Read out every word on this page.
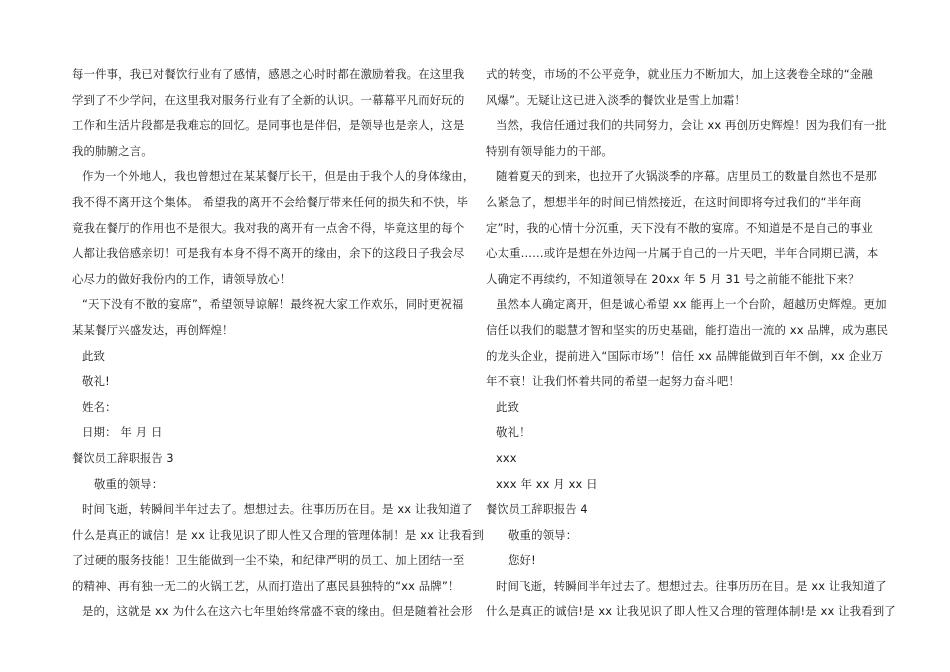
每一件事，我已对餐饮行业有了感情，感恩之心时时都在激励着我。在这里我
学到了不少学问，在这里我对服务行业有了全新的认识。一幕幕平凡而好玩的
工作和生活片段都是我难忘的回忆。是同事也是伴侣，是领导也是亲人，这是
我的肺腑之言。
作为一个外地人，我也曾想过在某某餐厅长干，但是由于我个人的身体缘由，
我不得不离开这个集体。 希望我的离开不会给餐厅带来任何的损失和不快，毕
竟我在餐厅的作用也不是很大。我对我的离开有一点舍不得，毕竟这里的每个
人都让我倍感亲切！可是我有本身不得不离开的缘由，余下的这段日子我会尽
心尽力的做好我份内的工作，请领导放心！
“天下没有不散的宴席”，希望领导谅解！最终祝大家工作欢乐，同时更祝福
某某餐厅兴盛发达，再创辉煌！
此致
敬礼!
姓名：
日期： 年 月 日
餐饮员工辞职报告 3
敬重的领导：
时间飞逝，转瞬间半年过去了。想想过去。往事历历在目。是 xx 让我知道了
什么是真正的诚信！是 xx 让我见识了即人性又合理的管理体制！是 xx 让我看到
了过硬的服务技能！卫生能做到一尘不染，和纪律严明的员工、加上团结一至
的精神、再有独一无二的火锅工艺，从而打造出了惠民县独特的“xx 品牌”！
是的，这就是 xx 为什么在这六七年里始终常盛不衰的缘由。但是随着社会形
式的转变，市场的不公平竞争，就业压力不断加大，加上这袭卷全球的“金融
风爆”。无疑让这已进入淡季的餐饮业是雪上加霜！
当然，我信任通过我们的共同努力，会让 xx 再创历史辉煌！因为我们有一批
特别有领导能力的干部。
随着夏天的到来，也拉开了火锅淡季的序幕。店里员工的数量自然也不是那
么紧急了，想想半年的时间已悄然接近，在这时间即将夸过我们的“半年商
定”时，我的心情十分沉重，天下没有不散的宴席。不知道是不是自己的事业
心太重……或许是想在外边闯一片属于自己的一片天吧，半年合同期已满，本
人确定不再续约，不知道领导在 20xx 年 5 月 31 号之前能不能批下来？
虽然本人确定离开，但是诚心希望 xx 能再上一个台阶，超越历史辉煌。更加
信任以我们的聪慧才智和坚实的历史基础，能打造出一流的 xx 品牌，成为惠民
的龙头企业，提前进入“国际市场”！信任 xx 品牌能做到百年不倒，xx 企业万
年不衰！让我们怀着共同的希望一起努力奋斗吧！
此致
敬礼！
xxx
xxx 年 xx 月 xx 日
餐饮员工辞职报告 4
敬重的领导：
您好!
时间飞逝，转瞬间半年过去了。想想过去。往事历历在目。是 xx 让我知道了
什么是真正的诚信!是 xx 让我见识了即人性又合理的管理体制!是 xx 让我看到了
